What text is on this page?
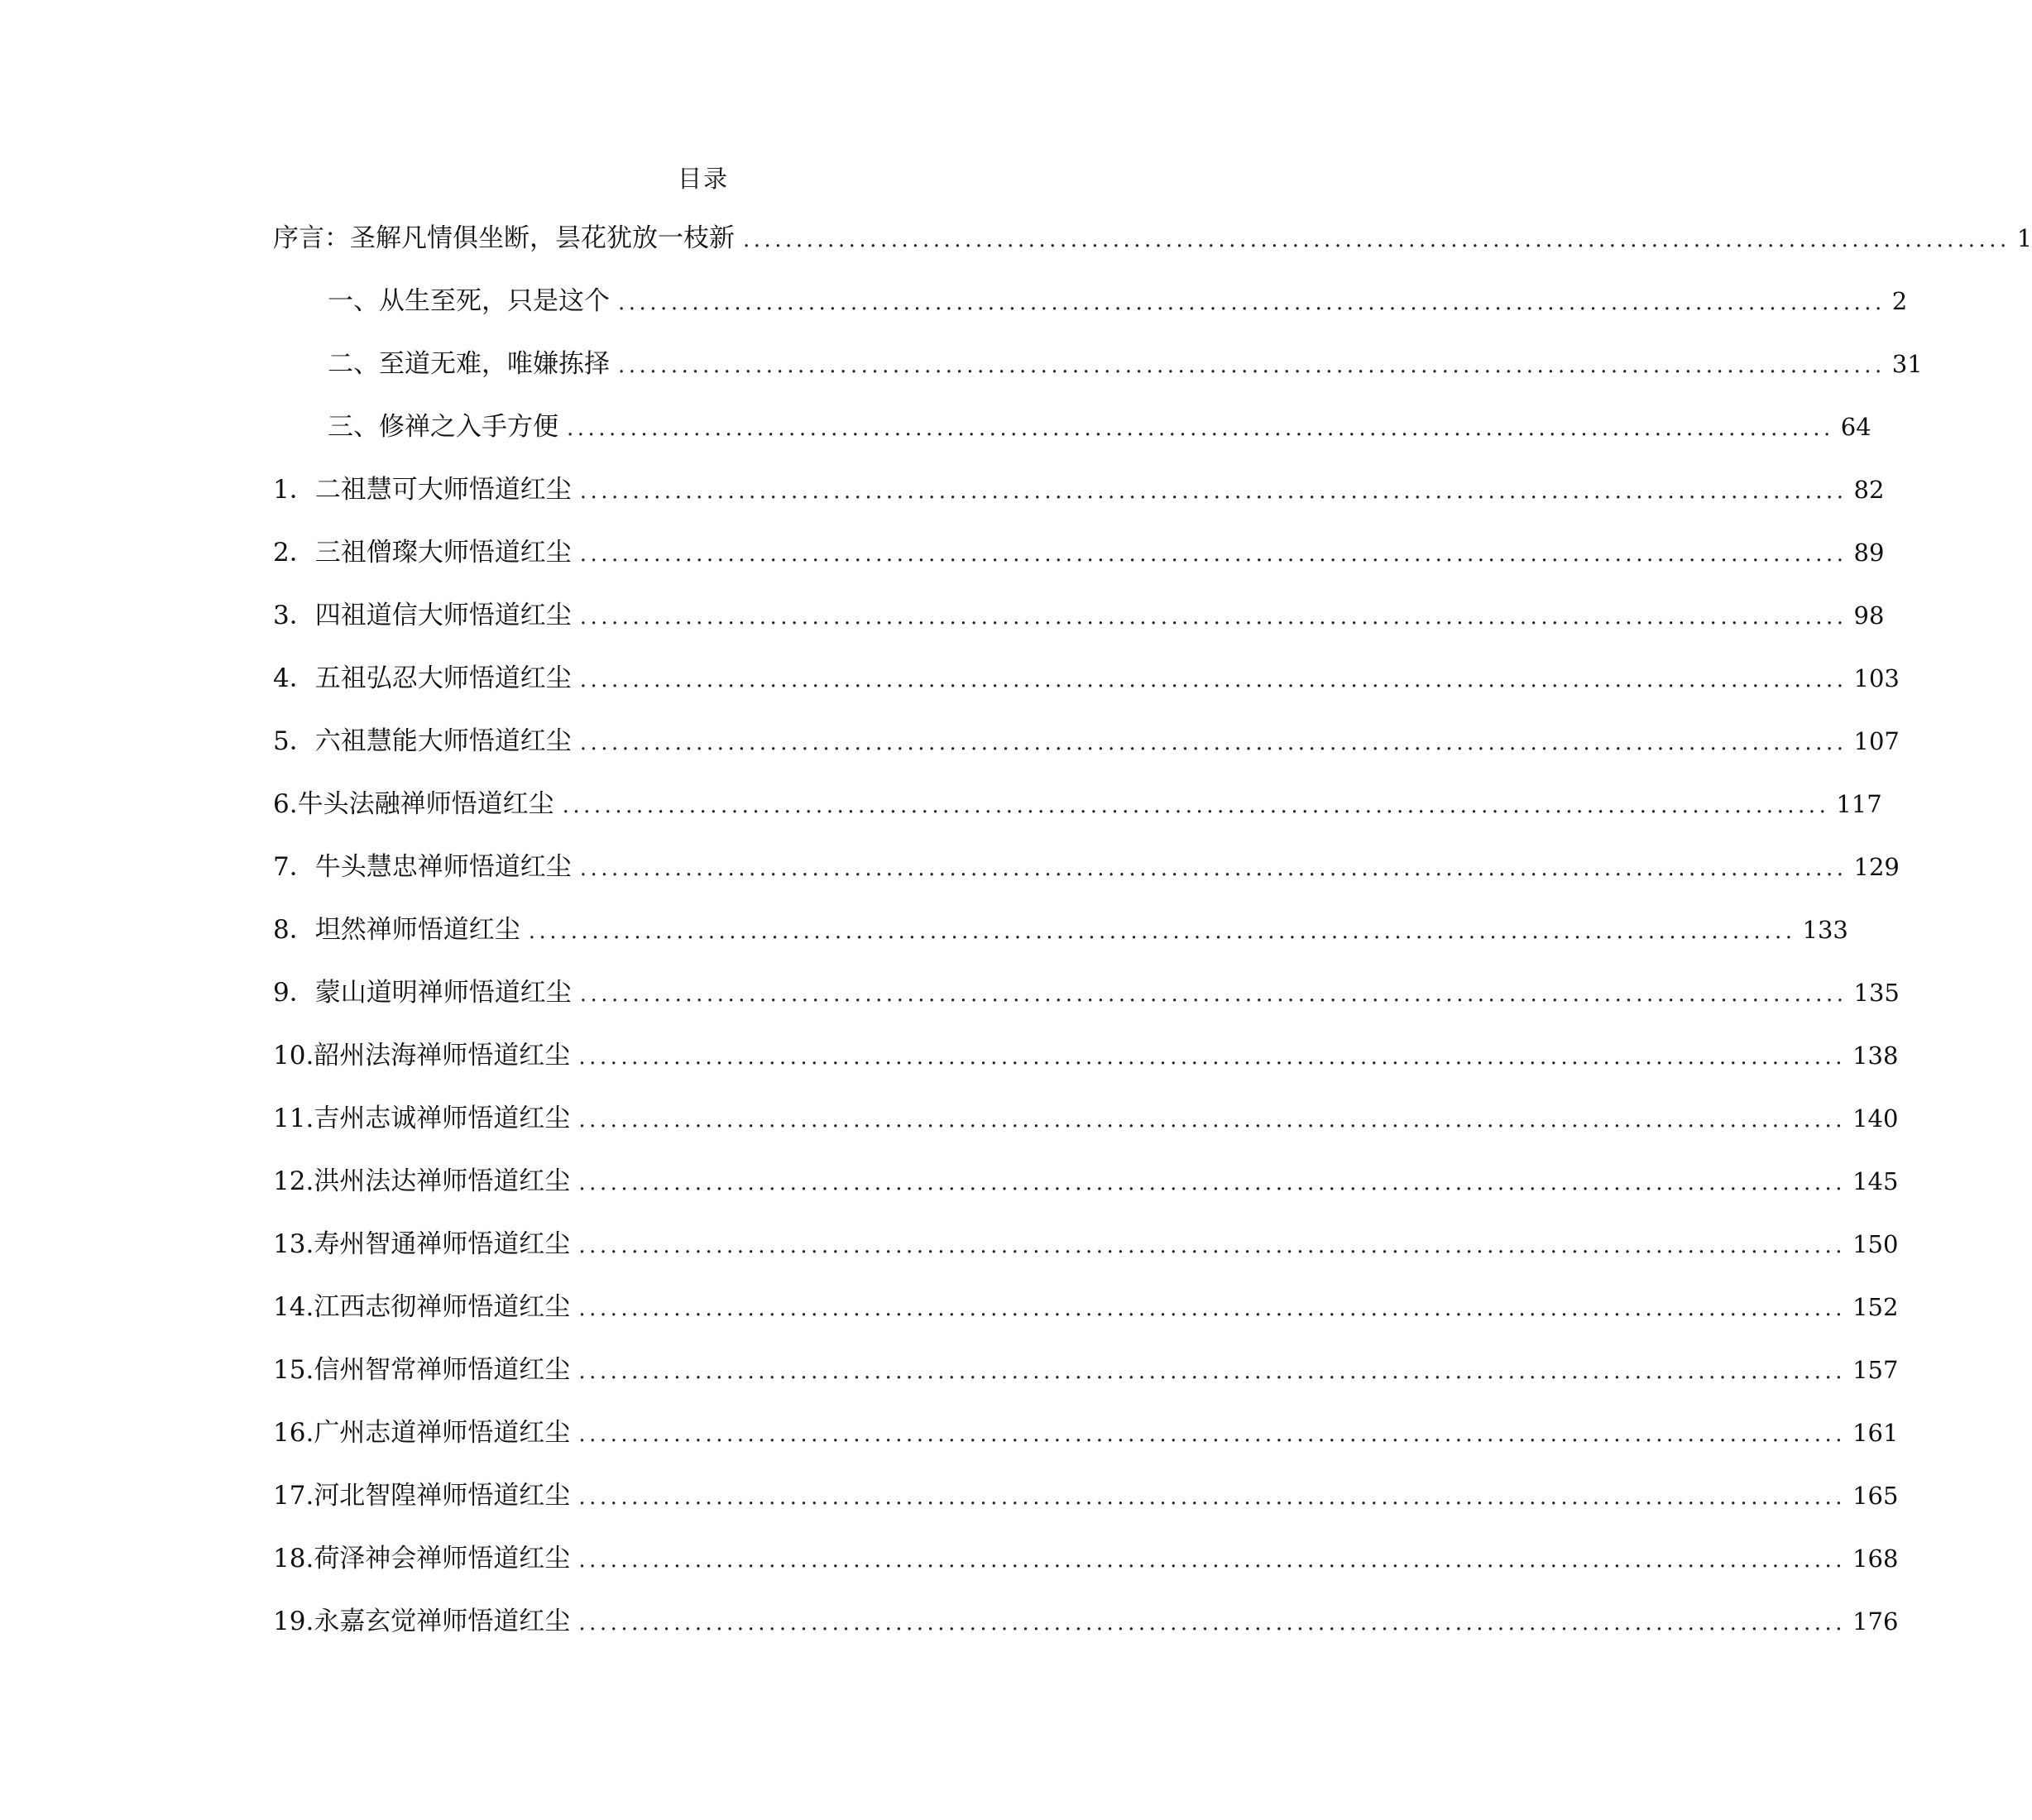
目录
序言：圣解凡情俱坐断，昙花犹放一枝新 ........................................................................................................................ 1
一、从生至死，只是这个 ........................................................................................................................ 2
二、至道无难，唯嫌拣择 ........................................................................................................................ 31
三、修禅之入手方便 ........................................................................................................................ 64
1． 二祖慧可大师悟道红尘 ........................................................................................................................ 82
2． 三祖僧璨大师悟道红尘 ........................................................................................................................ 89
3． 四祖道信大师悟道红尘 ........................................................................................................................ 98
4． 五祖弘忍大师悟道红尘 ........................................................................................................................ 103
5． 六祖慧能大师悟道红尘 ........................................................................................................................ 107
6. 牛头法融禅师悟道红尘 ........................................................................................................................ 117
7． 牛头慧忠禅师悟道红尘 ........................................................................................................................ 129
8． 坦然禅师悟道红尘 ........................................................................................................................ 133
9． 蒙山道明禅师悟道红尘 ........................................................................................................................ 135
10. 韶州法海禅师悟道红尘 ........................................................................................................................ 138
11. 吉州志诚禅师悟道红尘 ........................................................................................................................ 140
12. 洪州法达禅师悟道红尘 ........................................................................................................................ 145
13. 寿州智通禅师悟道红尘 ........................................................................................................................ 150
14. 江西志彻禅师悟道红尘 ........................................................................................................................ 152
15. 信州智常禅师悟道红尘 ........................................................................................................................ 157
16. 广州志道禅师悟道红尘 ........................................................................................................................ 161
17. 河北智隍禅师悟道红尘 ........................................................................................................................ 165
18. 荷泽神会禅师悟道红尘 ........................................................................................................................ 168
19. 永嘉玄觉禅师悟道红尘 ........................................................................................................................ 176
